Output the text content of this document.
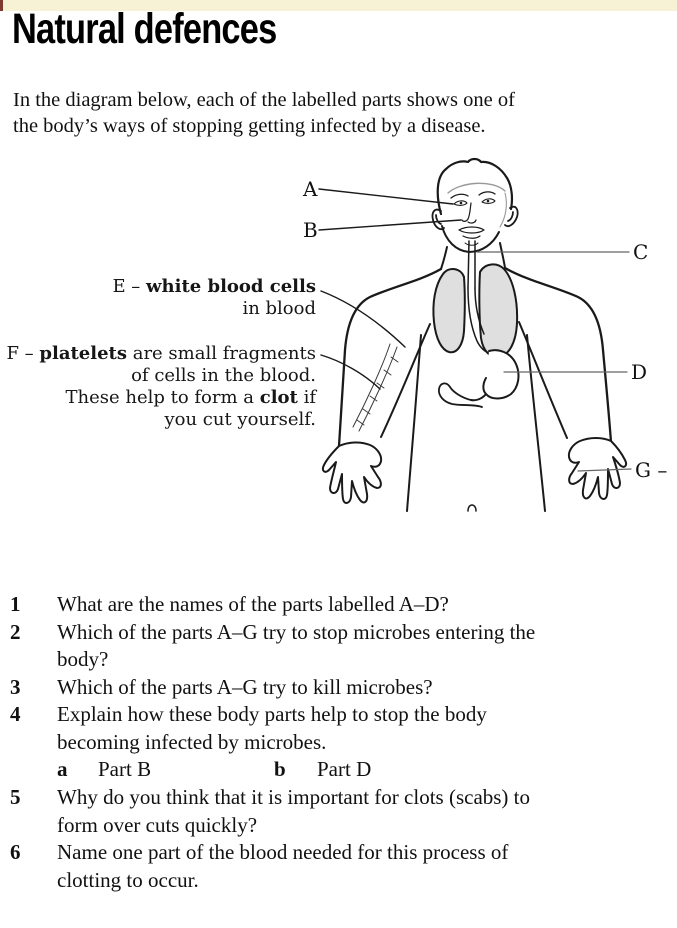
Natural defences
In the diagram below, each of the labelled parts shows one of
the body’s ways of stopping getting infected by a disease.
A
B
C
D
G –
E – white blood cells
in blood
F – platelets are small fragments
of cells in the blood.
These help to form a clot if
you cut yourself.
1	What are the names of the parts labelled A–D?
2	Which of the parts A–G try to stop microbes entering the
body?
3	Which of the parts A–G try to kill microbes?
4	Explain how these body parts help to stop the body
becoming infected by microbes.
a Part B	b Part D
5	Why do you think that it is important for clots (scabs) to
form over cuts quickly?
6	Name one part of the blood needed for this process of
clotting to occur.
